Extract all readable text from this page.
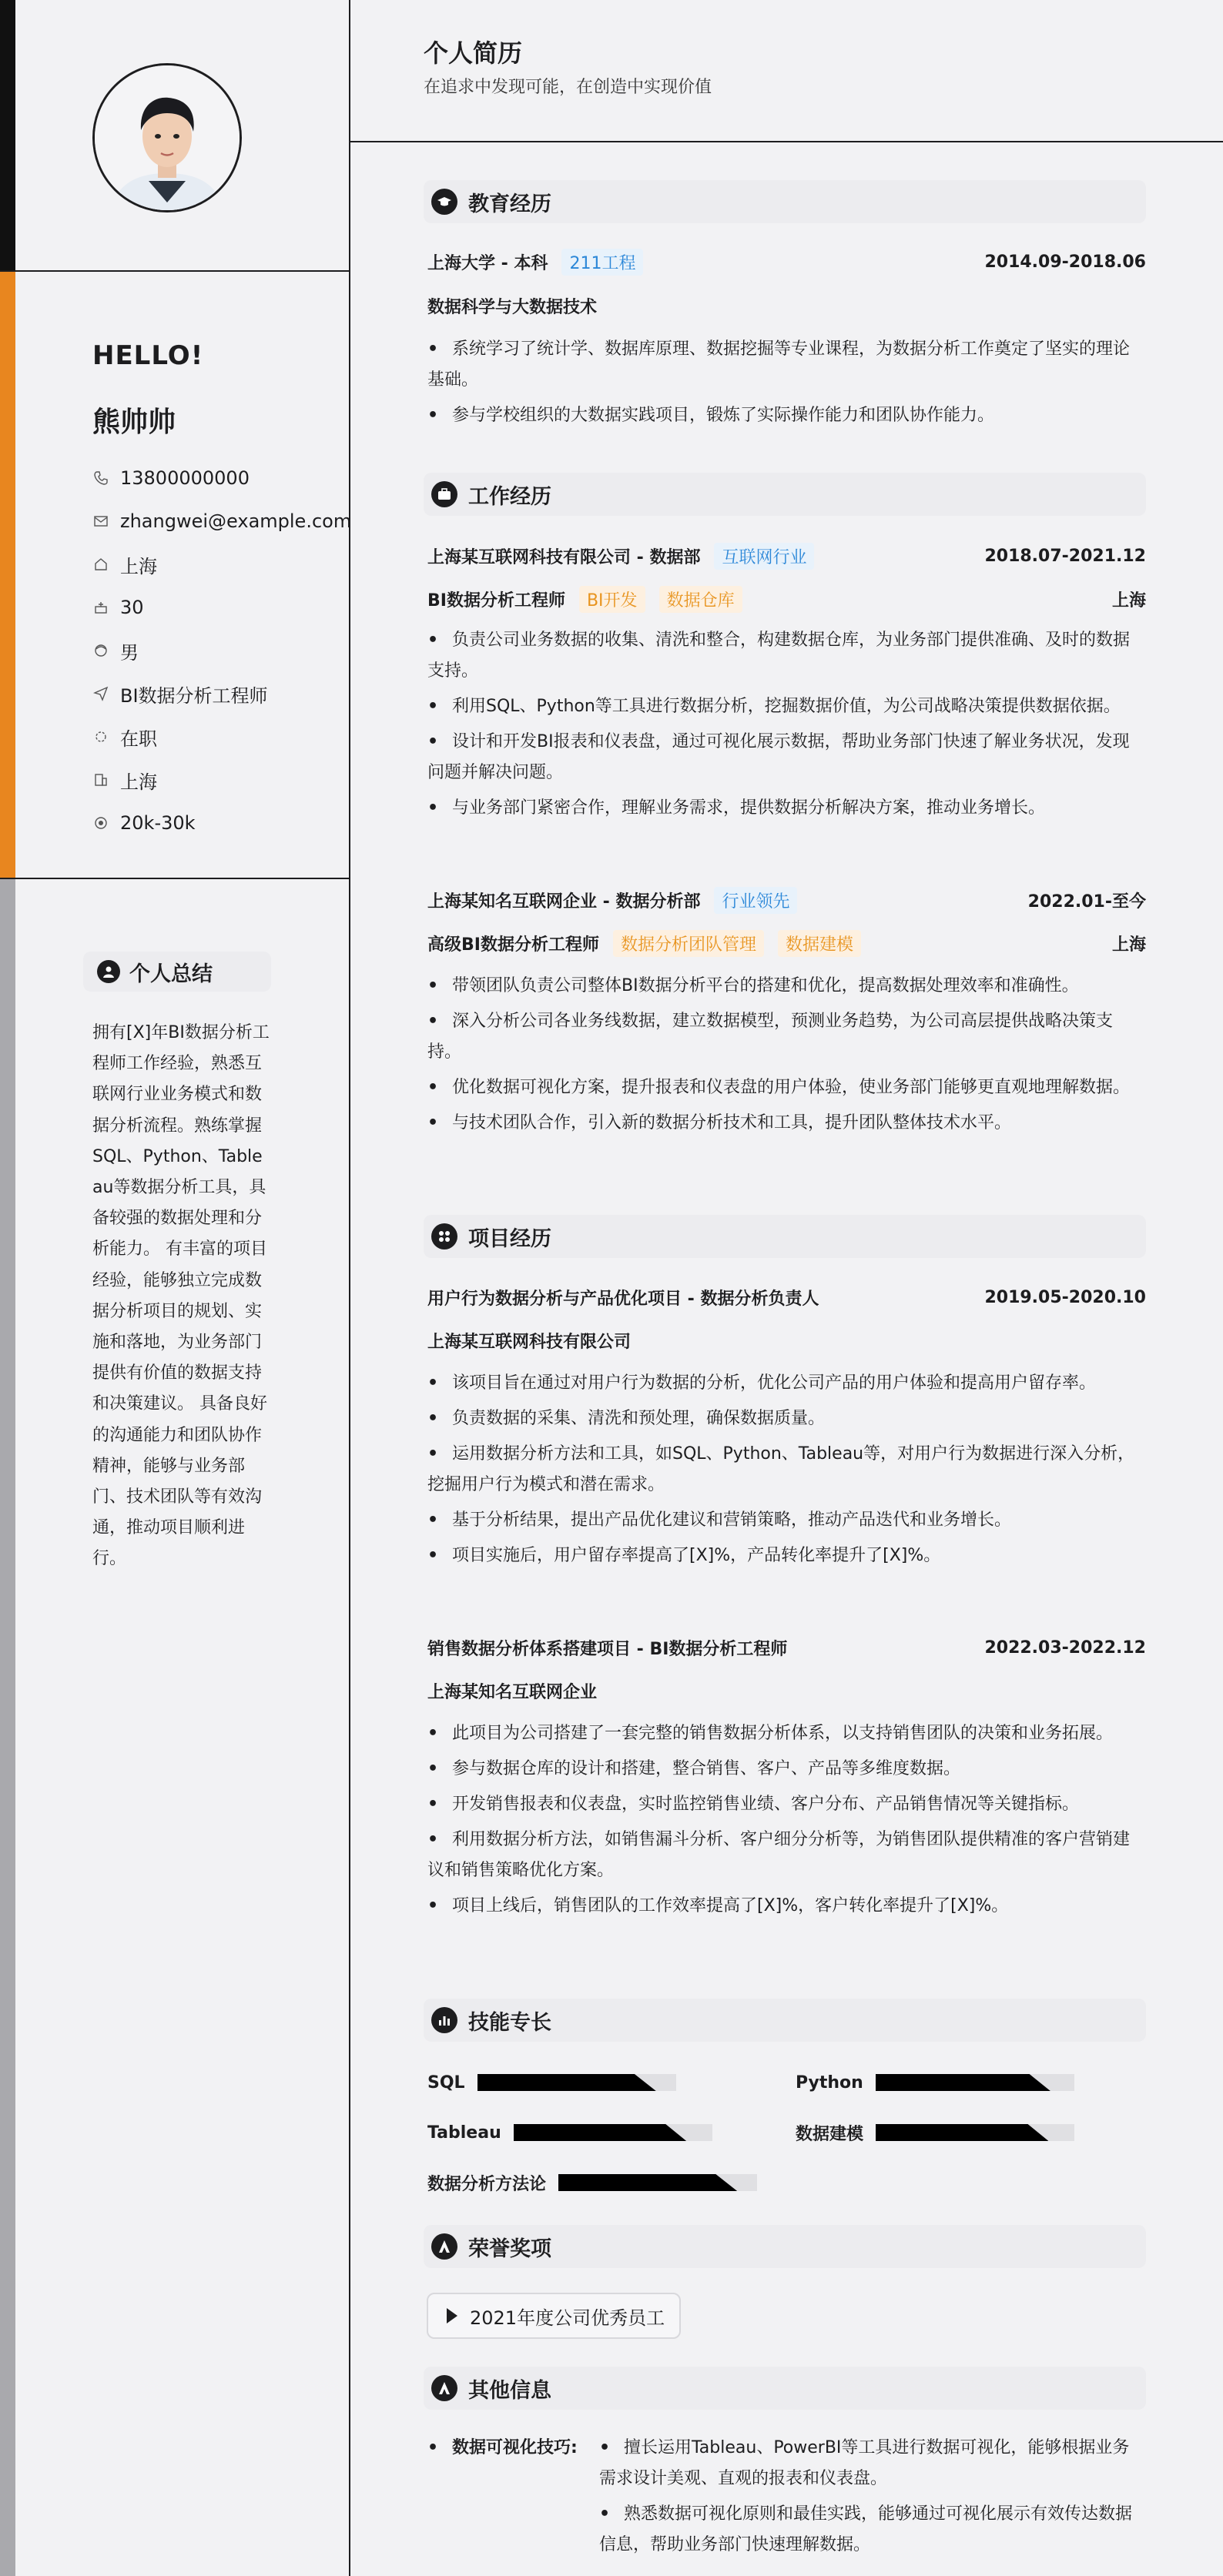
HELLO!
熊帅帅
13800000000
zhangwei@example.com
上海
30
男
BI数据分析工程师
在职
上海
20k-30k
个人总结
拥有[X]年BI数据分析工程师工作经验，熟悉互联网行业业务模式和数据分析流程。熟练掌握SQL、Python、Tableau等数据分析工具，具备较强的数据处理和分析能力。 有丰富的项目经验，能够独立完成数据分析项目的规划、实施和落地，为业务部门提供有价值的数据支持和决策建议。 具备良好的沟通能力和团队协作精神，能够与业务部门、技术团队等有效沟通，推动项目顺利进行。
个人简历
在追求中发现可能，在创造中实现价值
教育经历
上海大学 - 本科	211工程	2014.09-2018.06
数据科学与大数据技术
• 系统学习了统计学、数据库原理、数据挖掘等专业课程，为数据分析工作奠定了坚实的理论基础。
• 参与学校组织的大数据实践项目，锻炼了实际操作能力和团队协作能力。
工作经历
上海某互联网科技有限公司 - 数据部	互联网行业	2018.07-2021.12
BI数据分析工程师	BI开发	数据仓库	上海
• 负责公司业务数据的收集、清洗和整合，构建数据仓库，为业务部门提供准确、及时的数据支持。
• 利用SQL、Python等工具进行数据分析，挖掘数据价值，为公司战略决策提供数据依据。
• 设计和开发BI报表和仪表盘，通过可视化展示数据，帮助业务部门快速了解业务状况，发现问题并解决问题。
• 与业务部门紧密合作，理解业务需求，提供数据分析解决方案，推动业务增长。
上海某知名互联网企业 - 数据分析部	行业领先	2022.01-至今
高级BI数据分析工程师	数据分析团队管理	数据建模	上海
• 带领团队负责公司整体BI数据分析平台的搭建和优化，提高数据处理效率和准确性。
• 深入分析公司各业务线数据，建立数据模型，预测业务趋势，为公司高层提供战略决策支持。
• 优化数据可视化方案，提升报表和仪表盘的用户体验，使业务部门能够更直观地理解数据。
• 与技术团队合作，引入新的数据分析技术和工具，提升团队整体技术水平。
项目经历
用户行为数据分析与产品优化项目 - 数据分析负责人	2019.05-2020.10
上海某互联网科技有限公司
• 该项目旨在通过对用户行为数据的分析，优化公司产品的用户体验和提高用户留存率。
• 负责数据的采集、清洗和预处理，确保数据质量。
• 运用数据分析方法和工具，如SQL、Python、Tableau等，对用户行为数据进行深入分析，挖掘用户行为模式和潜在需求。
• 基于分析结果，提出产品优化建议和营销策略，推动产品迭代和业务增长。
• 项目实施后，用户留存率提高了[X]%，产品转化率提升了[X]%。
销售数据分析体系搭建项目 - BI数据分析工程师	2022.03-2022.12
上海某知名互联网企业
• 此项目为公司搭建了一套完整的销售数据分析体系，以支持销售团队的决策和业务拓展。
• 参与数据仓库的设计和搭建，整合销售、客户、产品等多维度数据。
• 开发销售报表和仪表盘，实时监控销售业绩、客户分布、产品销售情况等关键指标。
• 利用数据分析方法，如销售漏斗分析、客户细分分析等，为销售团队提供精准的客户营销建议和销售策略优化方案。
• 项目上线后，销售团队的工作效率提高了[X]%，客户转化率提升了[X]%。
技能专长
SQL	Python
Tableau	数据建模
数据分析方法论
荣誉奖项
2021年度公司优秀员工
其他信息
• 数据可视化技巧:
•	擅长运用Tableau、PowerBI等工具进行数据可视化，能够根据业务需求设计美观、直观的报表和仪表盘。
• 熟悉数据可视化原则和最佳实践，能够通过可视化展示有效传达数据信息，帮助业务部门快速理解数据。
